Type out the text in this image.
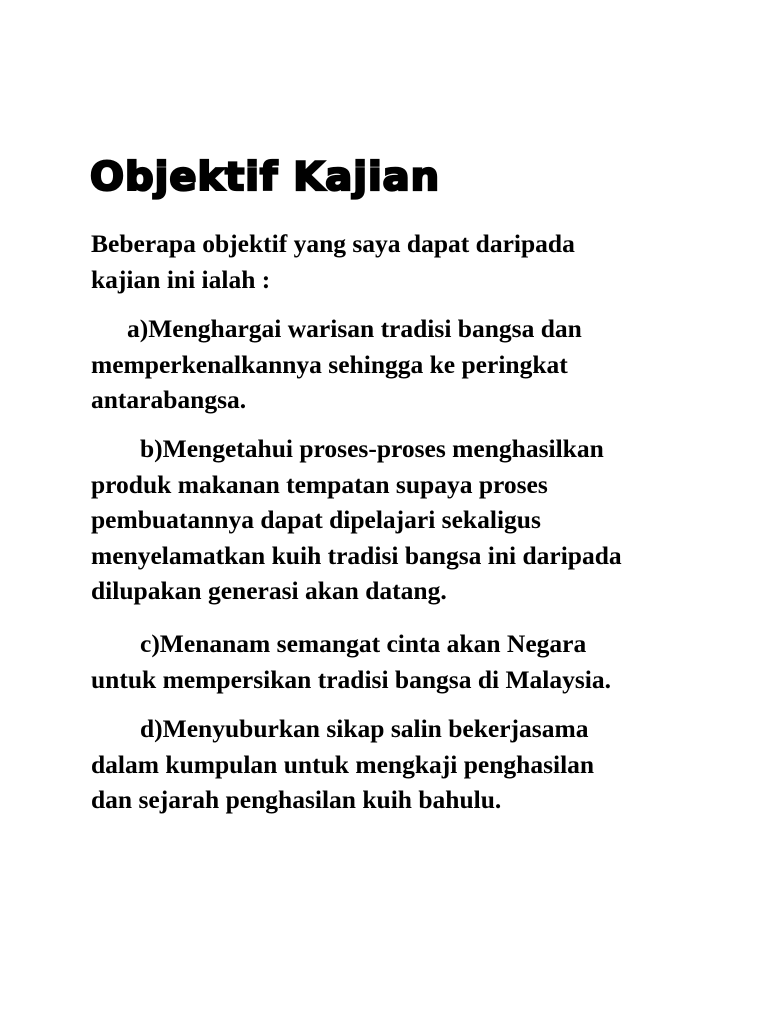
Objektif Kajian

Beberapa objektif yang saya dapat daripada
kajian ini ialah :

a)Menghargai warisan tradisi bangsa dan
memperkenalkannya sehingga ke peringkat
antarabangsa.

b)Mengetahui proses-proses menghasilkan
produk makanan tempatan supaya proses
pembuatannya dapat dipelajari sekaligus
menyelamatkan kuih tradisi bangsa ini daripada
dilupakan generasi akan datang.

c)Menanam semangat cinta akan Negara
untuk mempersikan tradisi bangsa di Malaysia.

d)Menyuburkan sikap salin bekerjasama
dalam kumpulan untuk mengkaji penghasilan
dan sejarah penghasilan kuih bahulu.
